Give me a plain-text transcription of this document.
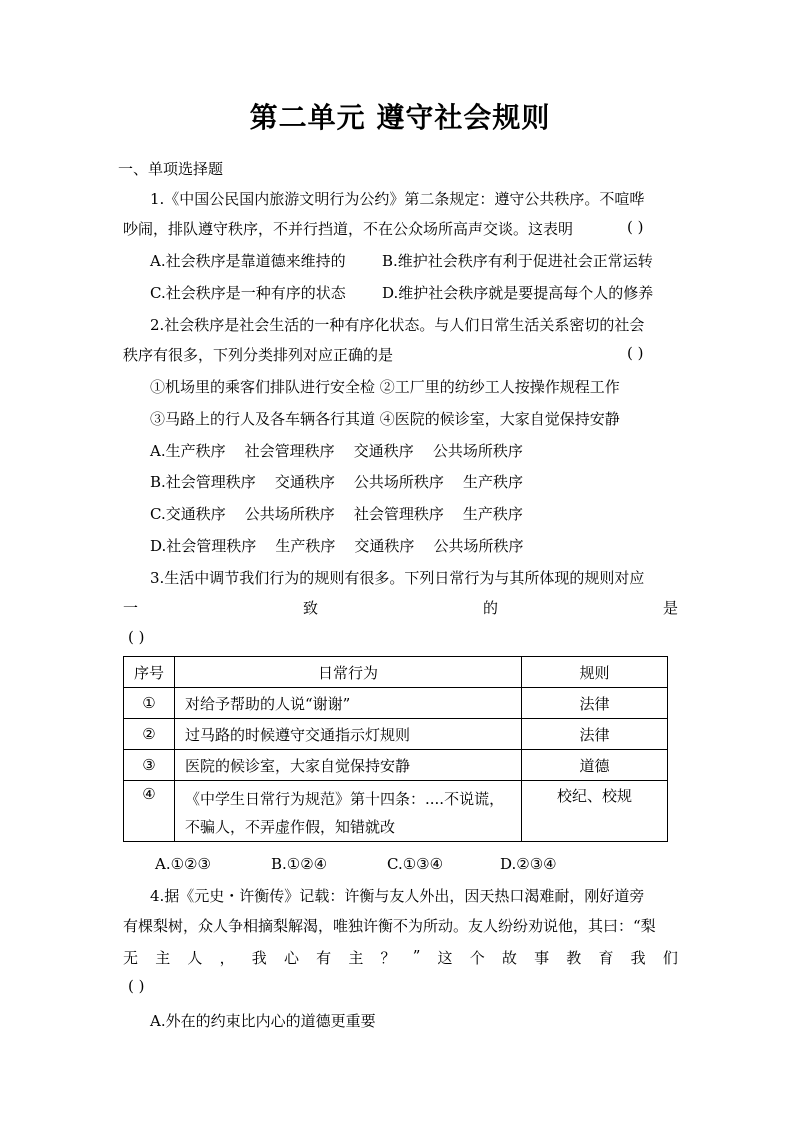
第二单元 遵守社会规则
一、单项选择题
1.《中国公民国内旅游文明行为公约》第二条规定：遵守公共秩序。不喧哗
吵闹，排队遵守秩序，不并行挡道，不在公众场所高声交谈。这表明	( )
A.社会秩序是靠道德来维持的	B.维护社会秩序有利于促进社会正常运转
C.社会秩序是一种有序的状态	D.维护社会秩序就是要提高每个人的修养
2.社会秩序是社会生活的一种有序化状态。与人们日常生活关系密切的社会
秩序有很多，下列分类排列对应正确的是	( )
①机场里的乘客们排队进行安全检 ②工厂里的纺纱工人按操作规程工作
③马路上的行人及各车辆各行其道 ④医院的候诊室，大家自觉保持安静
A.生产秩序    社会管理秩序    交通秩序    公共场所秩序
B.社会管理秩序    交通秩序    公共场所秩序    生产秩序
C.交通秩序    公共场所秩序    社会管理秩序    生产秩序
D.社会管理秩序    生产秩序    交通秩序    公共场所秩序
3.生活中调节我们行为的规则有很多。下列日常行为与其所体现的规则对应
一	致	的	是
( )
序号	日常行为	规则
①	对给予帮助的人说“谢谢”	法律
②	过马路的时候遵守交通指示灯规则	法律
③	医院的候诊室，大家自觉保持安静	道德
④	《中学生日常行为规范》第十四条：....不说谎，
不骗人，不弄虚作假，知错就改	校纪、校规
A.①②③	B.①②④	C.①③④	D.②③④
4.据《元史・许衡传》记载：许衡与友人外出，因天热口渴难耐，刚好道旁
有棵梨树，众人争相摘梨解渴，唯独许衡不为所动。友人纷纷劝说他，其曰：“梨
无 主 人 ， 我 心 有 主 ？ ” 这 个 故 事 教 育 我 们
( )
A.外在的约束比内心的道德更重要
